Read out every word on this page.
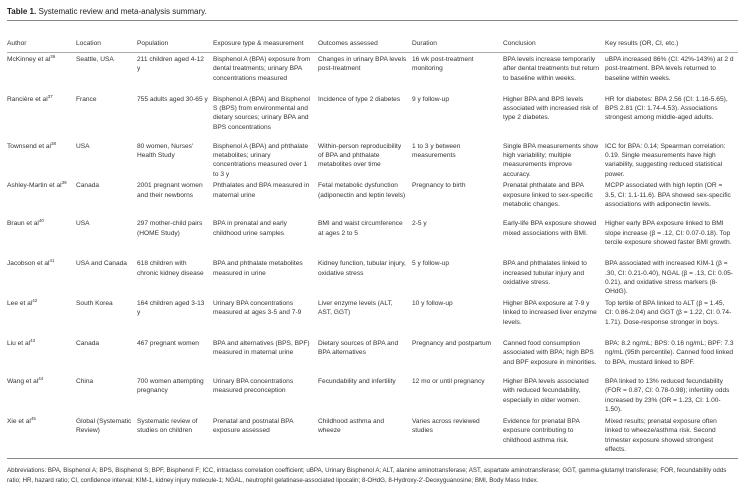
Table 1. Systematic review and meta-analysis summary.
Author	Location	Population	Exposure type & measurement	Outcomes assessed	Duration	Conclusion	Key results (OR, CI, etc.)
McKinney et $al^{36}$	Seattle, USA	211 children aged 4-12 y	Bisphenol A (BPA) exposure from dental treatments; urinary BPA concentrations measured	Changes in urinary BPA levels post-treatment	16 wk post-treatment monitoring	BPA levels increase temporarily after dental treatments but return to baseline within weeks.	uBPA increased 86% (CI: 42%-143%) at 2 d post-treatment. BPA levels returned to baseline within weeks.
Rancière et $al^{37}$	France	755 adults aged 30-65 y	Bisphenol A (BPA) and Bisphenol S (BPS) from environmental and dietary sources; urinary BPA and BPS concentrations	Incidence of type 2 diabetes	9 y follow-up	Higher BPA and BPS levels associated with increased risk of type 2 diabetes.	HR for diabetes: BPA 2.56 (CI: 1.16-5.65), BPS 2.81 (CI: 1.74-4.53). Associations strongest among middle-aged adults.
Townsend et $al^{38}$	USA	80 women, Nurses' Health Study	Bisphenol A (BPA) and phthalate metabolites; urinary concentrations measured over 1 to 3 y	Within-person reproducibility of BPA and phthalate metabolites over time	1 to 3 y between measurements	Single BPA measurements show high variability; multiple measurements improve accuracy.	ICC for BPA: 0.14; Spearman correlation: 0.19. Single measurements have high variability, suggesting reduced statistical power.
Ashley-Martin et $al^{39}$	Canada	2001 pregnant women and their newborns	Phthalates and BPA measured in maternal urine	Fetal metabolic dysfunction (adiponectin and leptin levels)	Pregnancy to birth	Prenatal phthalate and BPA exposure linked to sex-specific metabolic changes.	MCPP associated with high leptin (OR = 3.5, CI: 1.1-11.6). BPA showed sex-specific associations with adiponectin levels.
Braun et $al^{40}$	USA	297 mother-child pairs (HOME Study)	BPA in prenatal and early childhood urine samples	BMI and waist circumference at ages 2 to 5	2-5 y	Early-life BPA exposure showed mixed associations with BMI.	Higher early BPA exposure linked to BMI slope increase (β = .12, CI: 0.07-0.18). Top tercile exposure showed faster BMI growth.
Jacobson et $al^{41}$	USA and Canada	618 children with chronic kidney disease	BPA and phthalate metabolites measured in urine	Kidney function, tubular injury, oxidative stress	5 y follow-up	BPA and phthalates linked to increased tubular injury and oxidative stress.	BPA associated with increased KIM-1 (β = .30, CI: 0.21-0.40), NGAL (β = .13, CI: 0.05-0.21), and oxidative stress markers (8-OHdG).
Lee et $al^{42}$	South Korea	164 children aged 3-13 y	Urinary BPA concentrations measured at ages 3-5 and 7-9	Liver enzyme levels (ALT, AST, GGT)	10 y follow-up	Higher BPA exposure at 7-9 y linked to increased liver enzyme levels.	Top tertile of BPA linked to ALT (β = 1.45, CI: 0.86-2.04) and GGT (β = 1.22, CI: 0.74-1.71). Dose-response stronger in boys.
Liu et $al^{43}$	Canada	467 pregnant women	BPA and alternatives (BPS, BPF) measured in maternal urine	Dietary sources of BPA and BPA alternatives	Pregnancy and postpartum	Canned food consumption associated with BPA; high BPS and BPF exposure in minorities.	BPA: 8.2 ng/mL; BPS: 0.16 ng/mL; BPF: 7.3 ng/mL (95th percentile). Canned food linked to BPA, mustard linked to BPF.
Wang et $al^{44}$	China	700 women attempting pregnancy	Urinary BPA concentrations measured preconception	Fecundability and infertility	12 mo or until pregnancy	Higher BPA levels associated with reduced fecundability, especially in older women.	BPA linked to 13% reduced fecundability (FOR = 0.87, CI: 0.78-0.98); infertility odds increased by 23% (OR = 1.23, CI: 1.00-1.50).
Xie et $al^{45}$	Global (Systematic Review)	Systematic review of studies on children	Prenatal and postnatal BPA exposure assessed	Childhood asthma and wheeze	Varies across reviewed studies	Evidence for prenatal BPA exposure contributing to childhood asthma risk.	Mixed results; prenatal exposure often linked to wheeze/asthma risk. Second trimester exposure showed strongest effects.
Abbreviations: BPA, Bisphenol A; BPS, Bisphenol S; BPF, Bisphenol F; ICC, intraclass correlation coefficient; uBPA, Urinary Bisphenol A; ALT, alanine aminotransferase; AST, aspartate aminotransferase; GGT, gamma-glutamyl transferase; FOR, fecundability odds ratio; HR, hazard ratio; CI, confidence interval; KIM-1, kidney injury molecule-1; NGAL, neutrophil gelatinase-associated lipocalin; 8-OHdG, 8-Hydroxy-2'-Deoxyguanosine; BMI, Body Mass Index.
